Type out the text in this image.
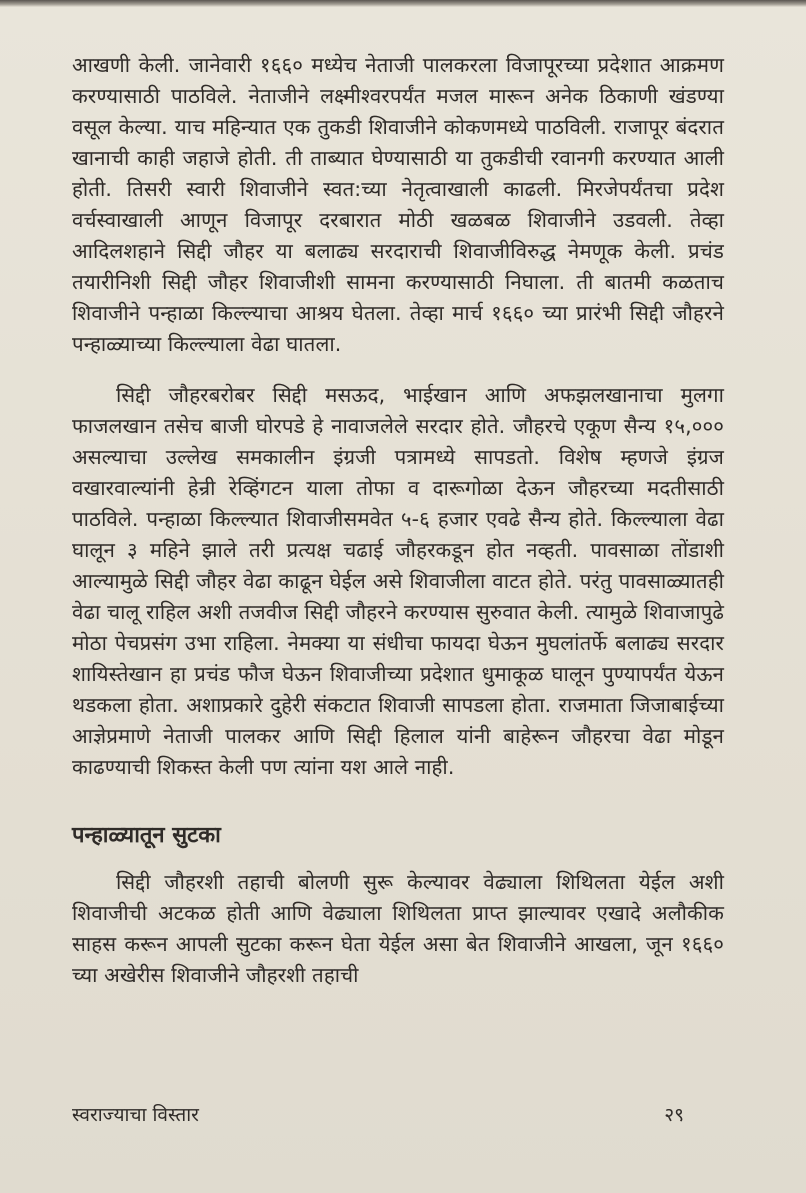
आखणी केली. जानेवारी १६६० मध्येच नेताजी पालकरला विजापूरच्या प्रदेशात आक्रमण करण्यासाठी पाठविले. नेताजीने लक्ष्मीश्वरपर्यंत मजल मारून अनेक ठिकाणी खंडण्या वसूल केल्या. याच महिन्यात एक तुकडी शिवाजीने कोकणमध्ये पाठविली. राजापूर बंदरात खानाची काही जहाजे होती. ती ताब्यात घेण्यासाठी या तुकडीची रवानगी करण्यात आली होती. तिसरी स्वारी शिवाजीने स्वत:च्या नेतृत्वाखाली काढली. मिरजेपर्यंतचा प्रदेश वर्चस्वाखाली आणून विजापूर दरबारात मोठी खळबळ शिवाजीने उडवली. तेव्हा आदिलशहाने सिद्दी जौहर या बलाढ्य सरदाराची शिवाजीविरुद्ध नेमणूक केली. प्रचंड तयारीनिशी सिद्दी जौहर शिवाजीशी सामना करण्यासाठी निघाला. ती बातमी कळताच शिवाजीने पन्हाळा किल्ल्याचा आश्रय घेतला. तेव्हा मार्च १६६० च्या प्रारंभी सिद्दी जौहरने पन्हाळ्याच्या किल्ल्याला वेढा घातला.

सिद्दी जौहरबरोबर सिद्दी मसऊद, भाईखान आणि अफझलखानाचा मुलगा फाजलखान तसेच बाजी घोरपडे हे नावाजलेले सरदार होते. जौहरचे एकूण सैन्य १५,००० असल्याचा उल्लेख समकालीन इंग्रजी पत्रामध्ये सापडतो. विशेष म्हणजे इंग्रज वखारवाल्यांनी हेन्री रेव्हिंगटन याला तोफा व दारूगोळा देऊन जौहरच्या मदतीसाठी पाठविले. पन्हाळा किल्ल्यात शिवाजीसमवेत ५-६ हजार एवढे सैन्य होते. किल्ल्याला वेढा घालून ३ महिने झाले तरी प्रत्यक्ष चढाई जौहरकडून होत नव्हती. पावसाळा तोंडाशी आल्यामुळे सिद्दी जौहर वेढा काढून घेईल असे शिवाजीला वाटत होते. परंतु पावसाळ्यातही वेढा चालू राहिल अशी तजवीज सिद्दी जौहरने करण्यास सुरुवात केली. त्यामुळे शिवाजापुढे मोठा पेचप्रसंग उभा राहिला. नेमक्या या संधीचा फायदा घेऊन मुघलांतर्फे बलाढ्य सरदार शायिस्तेखान हा प्रचंड फौज घेऊन शिवाजीच्या प्रदेशात धुमाकूळ घालून पुण्यापर्यंत येऊन थडकला होता. अशाप्रकारे दुहेरी संकटात शिवाजी सापडला होता. राजमाता जिजाबाईच्या आज्ञेप्रमाणे नेताजी पालकर आणि सिद्दी हिलाल यांनी बाहेरून जौहरचा वेढा मोडून काढण्याची शिकस्त केली पण त्यांना यश आले नाही.

पन्हाळ्यातून सुटका

सिद्दी जौहरशी तहाची बोलणी सुरू केल्यावर वेढ्याला शिथिलता येईल अशी शिवाजीची अटकळ होती आणि वेढ्याला शिथिलता प्राप्त झाल्यावर एखादे अलौकीक साहस करून आपली सुटका करून घेता येईल असा बेत शिवाजीने आखला, जून १६६० च्या अखेरीस शिवाजीने जौहरशी तहाची

स्वराज्याचा विस्तार	२९
